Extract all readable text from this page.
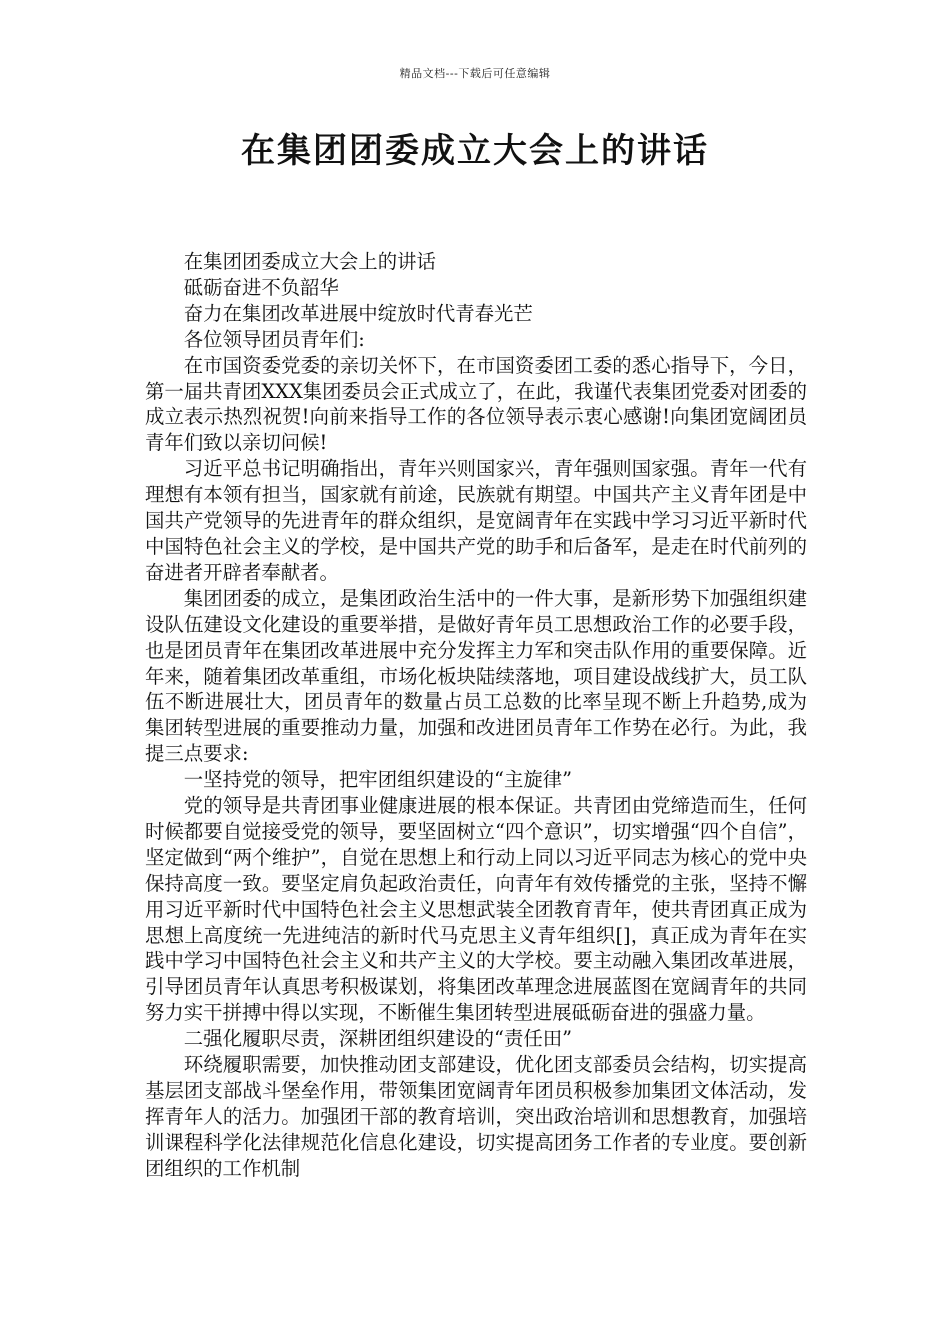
精品文档---下载后可任意编辑
在集团团委成立大会上的讲话

在集团团委成立大会上的讲话

砥砺奋进不负韶华

奋力在集团改革进展中绽放时代青春光芒

各位领导团员青年们:

在市国资委党委的亲切关怀下，在市国资委团工委的悉心指导下，今日，第一届共青团XXX集团委员会正式成立了，在此，我谨代表集团党委对团委的成立表示热烈祝贺!向前来指导工作的各位领导表示衷心感谢!向集团宽阔团员青年们致以亲切问候!

习近平总书记明确指出，青年兴则国家兴，青年强则国家强。青年一代有理想有本领有担当，国家就有前途，民族就有期望。中国共产主义青年团是中国共产党领导的先进青年的群众组织，是宽阔青年在实践中学习习近平新时代中国特色社会主义的学校，是中国共产党的助手和后备军，是走在时代前列的奋进者开辟者奉献者。

集团团委的成立，是集团政治生活中的一件大事，是新形势下加强组织建设队伍建设文化建设的重要举措，是做好青年员工思想政治工作的必要手段，也是团员青年在集团改革进展中充分发挥主力军和突击队作用的重要保障。近年来，随着集团改革重组，市场化板块陆续落地，项目建设战线扩大，员工队伍不断进展壮大，团员青年的数量占员工总数的比率呈现不断上升趋势,成为集团转型进展的重要推动力量，加强和改进团员青年工作势在必行。为此，我提三点要求:

一坚持党的领导，把牢团组织建设的“主旋律”

党的领导是共青团事业健康进展的根本保证。共青团由党缔造而生，任何时候都要自觉接受党的领导，要坚固树立“四个意识”，切实增强“四个自信”，坚定做到“两个维护”，自觉在思想上和行动上同以习近平同志为核心的党中央保持高度一致。要坚定肩负起政治责任，向青年有效传播党的主张，坚持不懈用习近平新时代中国特色社会主义思想武装全团教育青年，使共青团真正成为思想上高度统一先进纯洁的新时代马克思主义青年组织[]，真正成为青年在实践中学习中国特色社会主义和共产主义的大学校。要主动融入集团改革进展，引导团员青年认真思考积极谋划，将集团改革理念进展蓝图在宽阔青年的共同努力实干拼搏中得以实现，不断催生集团转型进展砥砺奋进的强盛力量。

二强化履职尽责，深耕团组织建设的“责任田”

环绕履职需要，加快推动团支部建设，优化团支部委员会结构，切实提高基层团支部战斗堡垒作用，带领集团宽阔青年团员积极参加集团文体活动，发挥青年人的活力。加强团干部的教育培训，突出政治培训和思想教育，加强培训课程科学化法律规范化信息化建设，切实提高团务工作者的专业度。要创新团组织的工作机制
